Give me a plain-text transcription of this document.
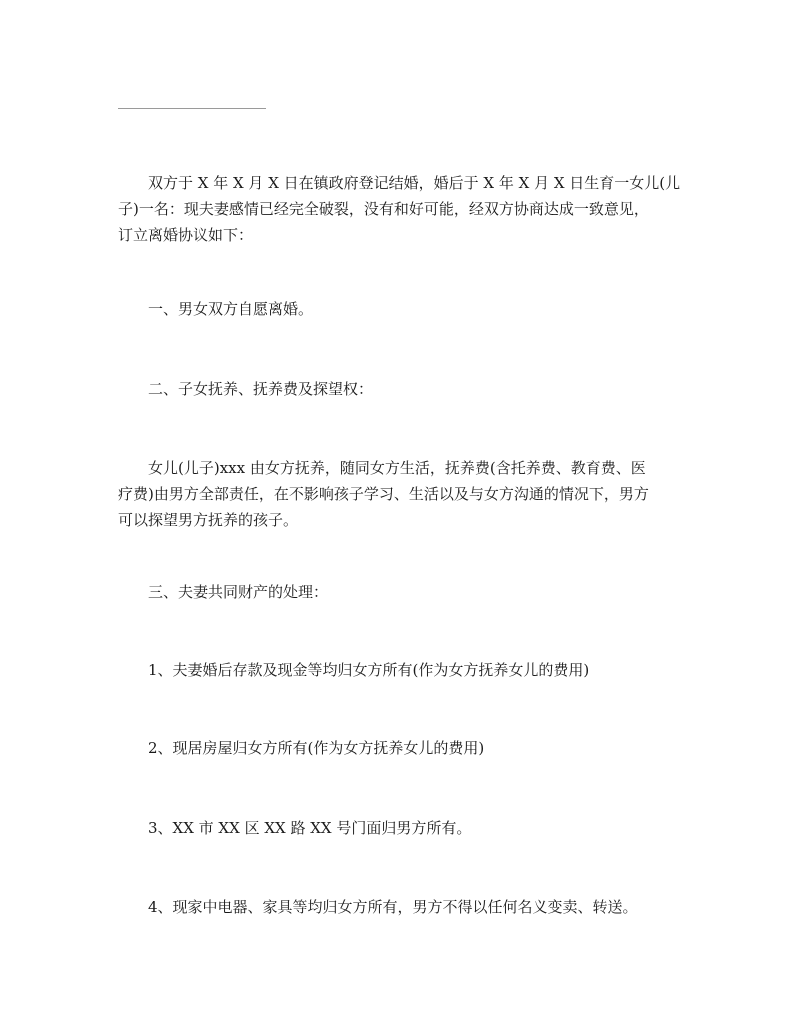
双方于 X 年 X 月 X 日在镇政府登记结婚，婚后于 X 年 X 月 X 日生育一女儿(儿
子)一名：现夫妻感情已经完全破裂，没有和好可能，经双方协商达成一致意见，
订立离婚协议如下：

一、男女双方自愿离婚。

二、子女抚养、抚养费及探望权：

女儿(儿子)xxx 由女方抚养，随同女方生活，抚养费(含托养费、教育费、医
疗费)由男方全部责任，在不影响孩子学习、生活以及与女方沟通的情况下，男方
可以探望男方抚养的孩子。

三、夫妻共同财产的处理：

1、夫妻婚后存款及现金等均归女方所有(作为女方抚养女儿的费用)

2、现居房屋归女方所有(作为女方抚养女儿的费用)

3、XX 市 XX 区 XX 路 XX 号门面归男方所有。

4、现家中电器、家具等均归女方所有，男方不得以任何名义变卖、转送。
